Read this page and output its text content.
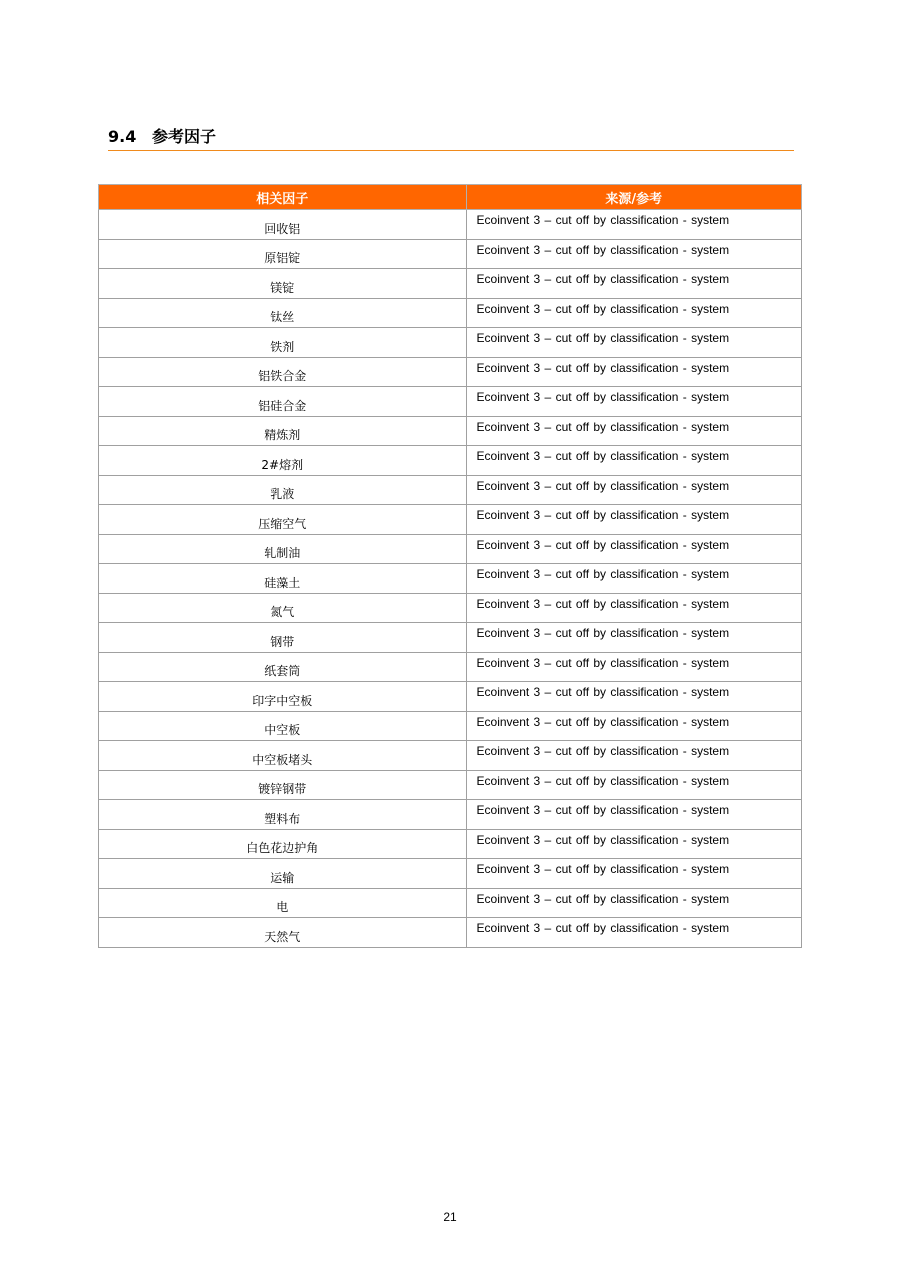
9.4 参考因子
相关因子	来源/参考
回收铝	Ecoinvent 3 – cut off by classification - system
原铝锭	Ecoinvent 3 – cut off by classification - system
镁锭	Ecoinvent 3 – cut off by classification - system
钛丝	Ecoinvent 3 – cut off by classification - system
铁剂	Ecoinvent 3 – cut off by classification - system
铝铁合金	Ecoinvent 3 – cut off by classification - system
铝硅合金	Ecoinvent 3 – cut off by classification - system
精炼剂	Ecoinvent 3 – cut off by classification - system
2#熔剂	Ecoinvent 3 – cut off by classification - system
乳液	Ecoinvent 3 – cut off by classification - system
压缩空气	Ecoinvent 3 – cut off by classification - system
轧制油	Ecoinvent 3 – cut off by classification - system
硅藻土	Ecoinvent 3 – cut off by classification - system
氮气	Ecoinvent 3 – cut off by classification - system
钢带	Ecoinvent 3 – cut off by classification - system
纸套筒	Ecoinvent 3 – cut off by classification - system
印字中空板	Ecoinvent 3 – cut off by classification - system
中空板	Ecoinvent 3 – cut off by classification - system
中空板堵头	Ecoinvent 3 – cut off by classification - system
镀锌钢带	Ecoinvent 3 – cut off by classification - system
塑料布	Ecoinvent 3 – cut off by classification - system
白色花边护角	Ecoinvent 3 – cut off by classification - system
运输	Ecoinvent 3 – cut off by classification - system
电	Ecoinvent 3 – cut off by classification - system
天然气	Ecoinvent 3 – cut off by classification - system
21
